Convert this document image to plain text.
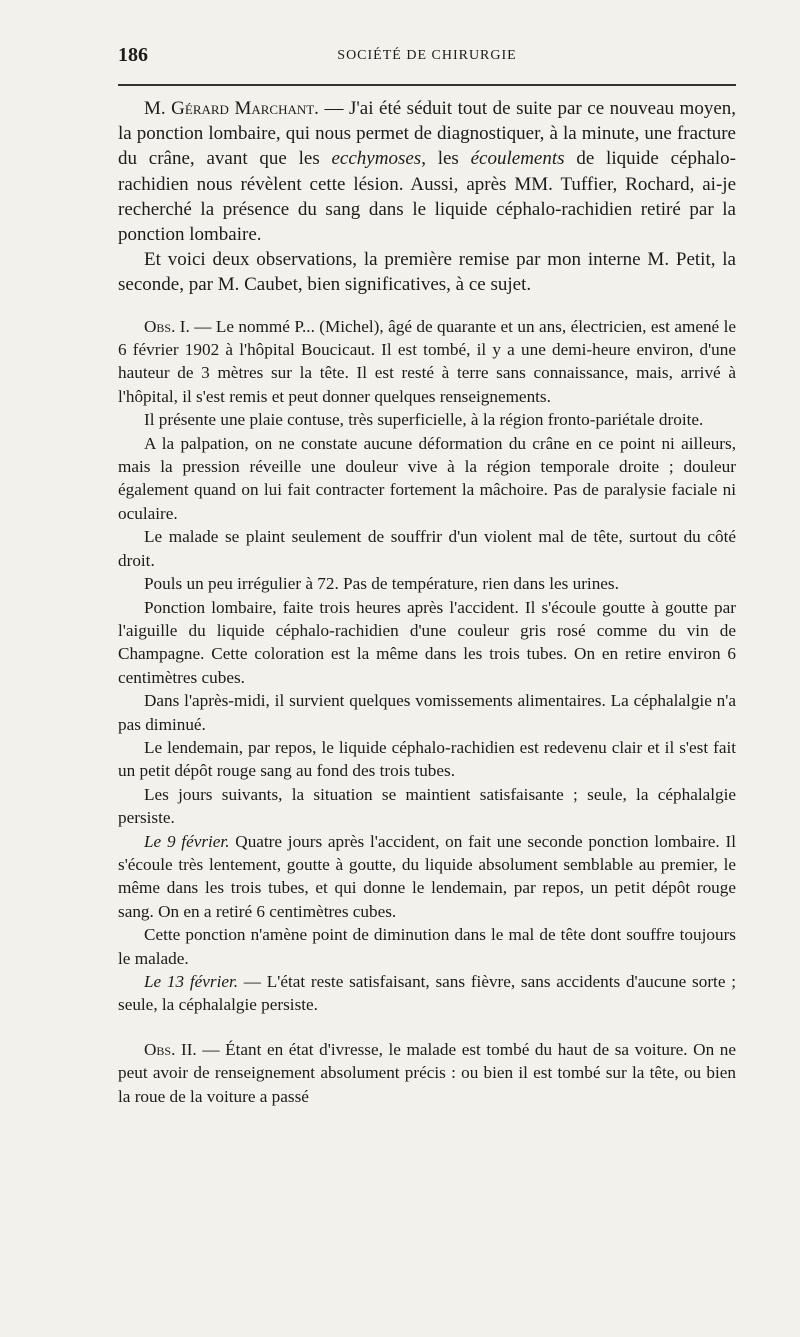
186	SOCIÉTÉ DE CHIRURGIE

M. Gérard Marchant. — J'ai été séduit tout de suite par ce nouveau moyen, la ponction lombaire, qui nous permet de diagnostiquer, à la minute, une fracture du crâne, avant que les ecchymoses, les écoulements de liquide céphalo-rachidien nous révèlent cette lésion. Aussi, après MM. Tuffier, Rochard, ai-je recherché la présence du sang dans le liquide céphalo-rachidien retiré par la ponction lombaire.

Et voici deux observations, la première remise par mon interne M. Petit, la seconde, par M. Caubet, bien significatives, à ce sujet.

Obs. I. — Le nommé P... (Michel), âgé de quarante et un ans, électricien, est amené le 6 février 1902 à l'hôpital Boucicaut. Il est tombé, il y a une demi-heure environ, d'une hauteur de 3 mètres sur la tête. Il est resté à terre sans connaissance, mais, arrivé à l'hôpital, il s'est remis et peut donner quelques renseignements.

Il présente une plaie contuse, très superficielle, à la région fronto-pariétale droite.

A la palpation, on ne constate aucune déformation du crâne en ce point ni ailleurs, mais la pression réveille une douleur vive à la région temporale droite ; douleur également quand on lui fait contracter fortement la mâchoire. Pas de paralysie faciale ni oculaire.

Le malade se plaint seulement de souffrir d'un violent mal de tête, surtout du côté droit.

Pouls un peu irrégulier à 72. Pas de température, rien dans les urines.

Ponction lombaire, faite trois heures après l'accident. Il s'écoule goutte à goutte par l'aiguille du liquide céphalo-rachidien d'une couleur gris rosé comme du vin de Champagne. Cette coloration est la même dans les trois tubes. On en retire environ 6 centimètres cubes.

Dans l'après-midi, il survient quelques vomissements alimentaires. La céphalalgie n'a pas diminué.

Le lendemain, par repos, le liquide céphalo-rachidien est redevenu clair et il s'est fait un petit dépôt rouge sang au fond des trois tubes.

Les jours suivants, la situation se maintient satisfaisante ; seule, la céphalalgie persiste.

Le 9 février. Quatre jours après l'accident, on fait une seconde ponction lombaire. Il s'écoule très lentement, goutte à goutte, du liquide absolument semblable au premier, le même dans les trois tubes, et qui donne le lendemain, par repos, un petit dépôt rouge sang. On en a retiré 6 centimètres cubes.

Cette ponction n'amène point de diminution dans le mal de tête dont souffre toujours le malade.

Le 13 février. — L'état reste satisfaisant, sans fièvre, sans accidents d'aucune sorte ; seule, la céphalalgie persiste.

Obs. II. — Étant en état d'ivresse, le malade est tombé du haut de sa voiture. On ne peut avoir de renseignement absolument précis : ou bien il est tombé sur la tête, ou bien la roue de la voiture a passé
